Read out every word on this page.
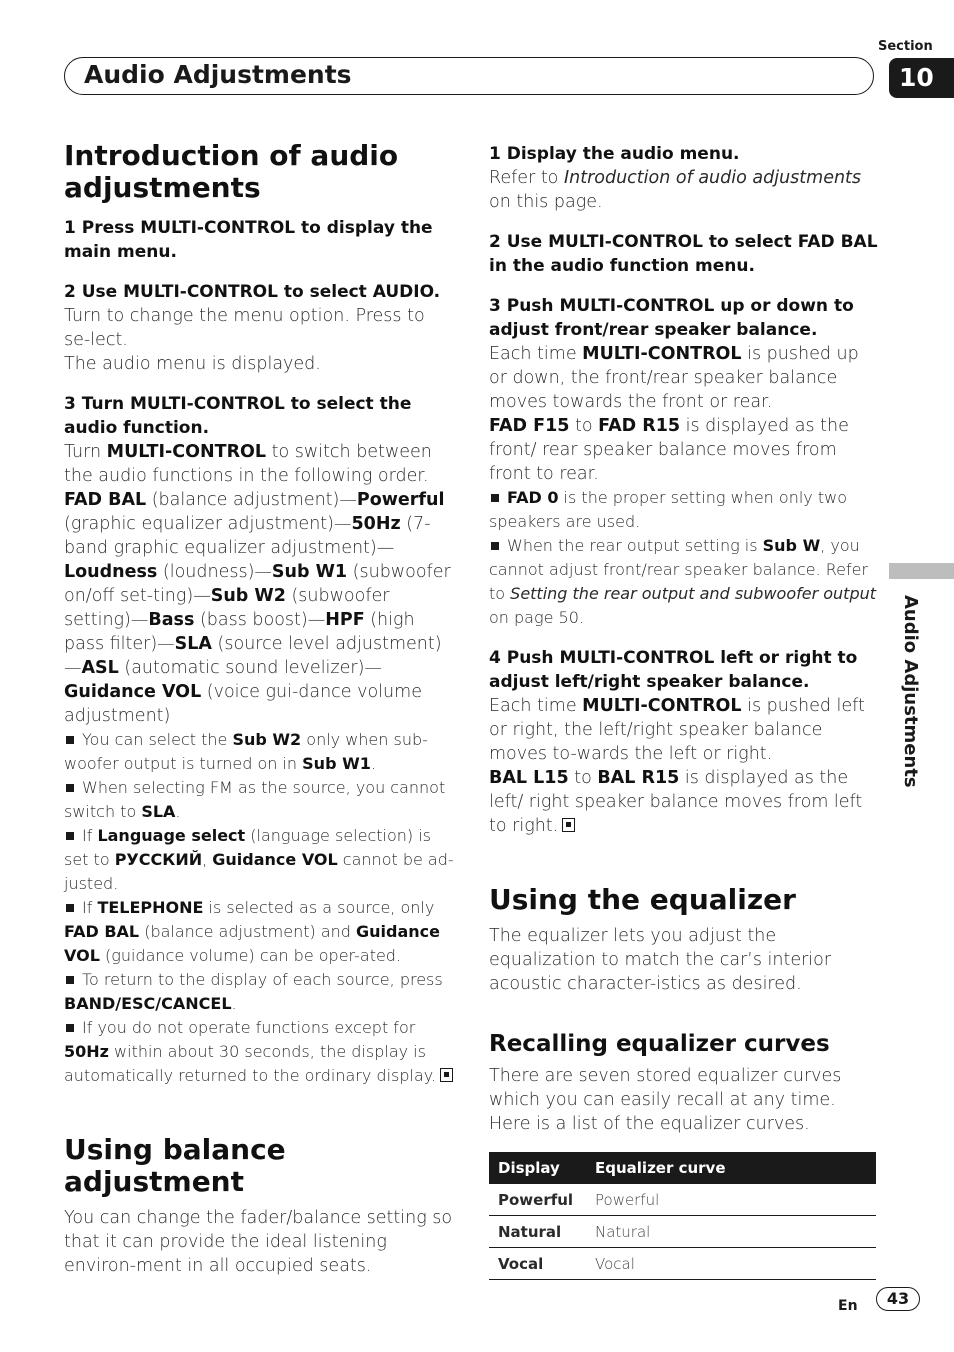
Section
10
Audio Adjustments
Audio Adjustments
Introduction of audio adjustments

1 Press MULTI-CONTROL to display the main menu.

2 Use MULTI-CONTROL to select AUDIO.

Turn to change the menu option. Press to se-lect.

The audio menu is displayed.

3 Turn MULTI-CONTROL to select the audio function.

Turn MULTI-CONTROL to switch between the audio functions in the following order.

FAD BAL (balance adjustment)—Powerful (graphic equalizer adjustment)—50Hz (7-band graphic equalizer adjustment)—Loudness (loudness)—Sub W1 (subwoofer on/off set-ting)—Sub W2 (subwoofer setting)—Bass (bass boost)—HPF (high pass filter)—SLA (source level adjustment)—ASL (automatic sound levelizer)—Guidance VOL (voice gui-dance volume adjustment)

You can select the Sub W2 only when sub-woofer output is turned on in Sub W1.

When selecting FM as the source, you cannot switch to SLA.

If Language select (language selection) is set to РУССКИЙ, Guidance VOL cannot be ad-justed.

If TELEPHONE is selected as a source, only FAD BAL (balance adjustment) and Guidance VOL (guidance volume) can be oper-ated.

To return to the display of each source, press BAND/ESC/CANCEL.

If you do not operate functions except for 50Hz within about 30 seconds, the display is automatically returned to the ordinary display.

Using balance adjustment

You can change the fader/balance setting so that it can provide the ideal listening environ-ment in all occupied seats.

1 Display the audio menu.

Refer to Introduction of audio adjustments on this page.

2 Use MULTI-CONTROL to select FAD BAL in the audio function menu.

3 Push MULTI-CONTROL up or down to adjust front/rear speaker balance.

Each time MULTI-CONTROL is pushed up or down, the front/rear speaker balance moves towards the front or rear.

FAD F15 to FAD R15 is displayed as the front/ rear speaker balance moves from front to rear.

FAD 0 is the proper setting when only two speakers are used.

When the rear output setting is Sub W, you cannot adjust front/rear speaker balance. Refer to Setting the rear output and subwoofer output on page 50.

4 Push MULTI-CONTROL left or right to adjust left/right speaker balance.

Each time MULTI-CONTROL is pushed left or right, the left/right speaker balance moves to-wards the left or right.

BAL L15 to BAL R15 is displayed as the left/ right speaker balance moves from left to right.

Using the equalizer

The equalizer lets you adjust the equalization to match the car’s interior acoustic character-istics as desired.

Recalling equalizer curves

There are seven stored equalizer curves which you can easily recall at any time. Here is a list of the equalizer curves.

Display	Equalizer curve
Powerful	Powerful
Natural	Natural
Vocal	Vocal
En	43
